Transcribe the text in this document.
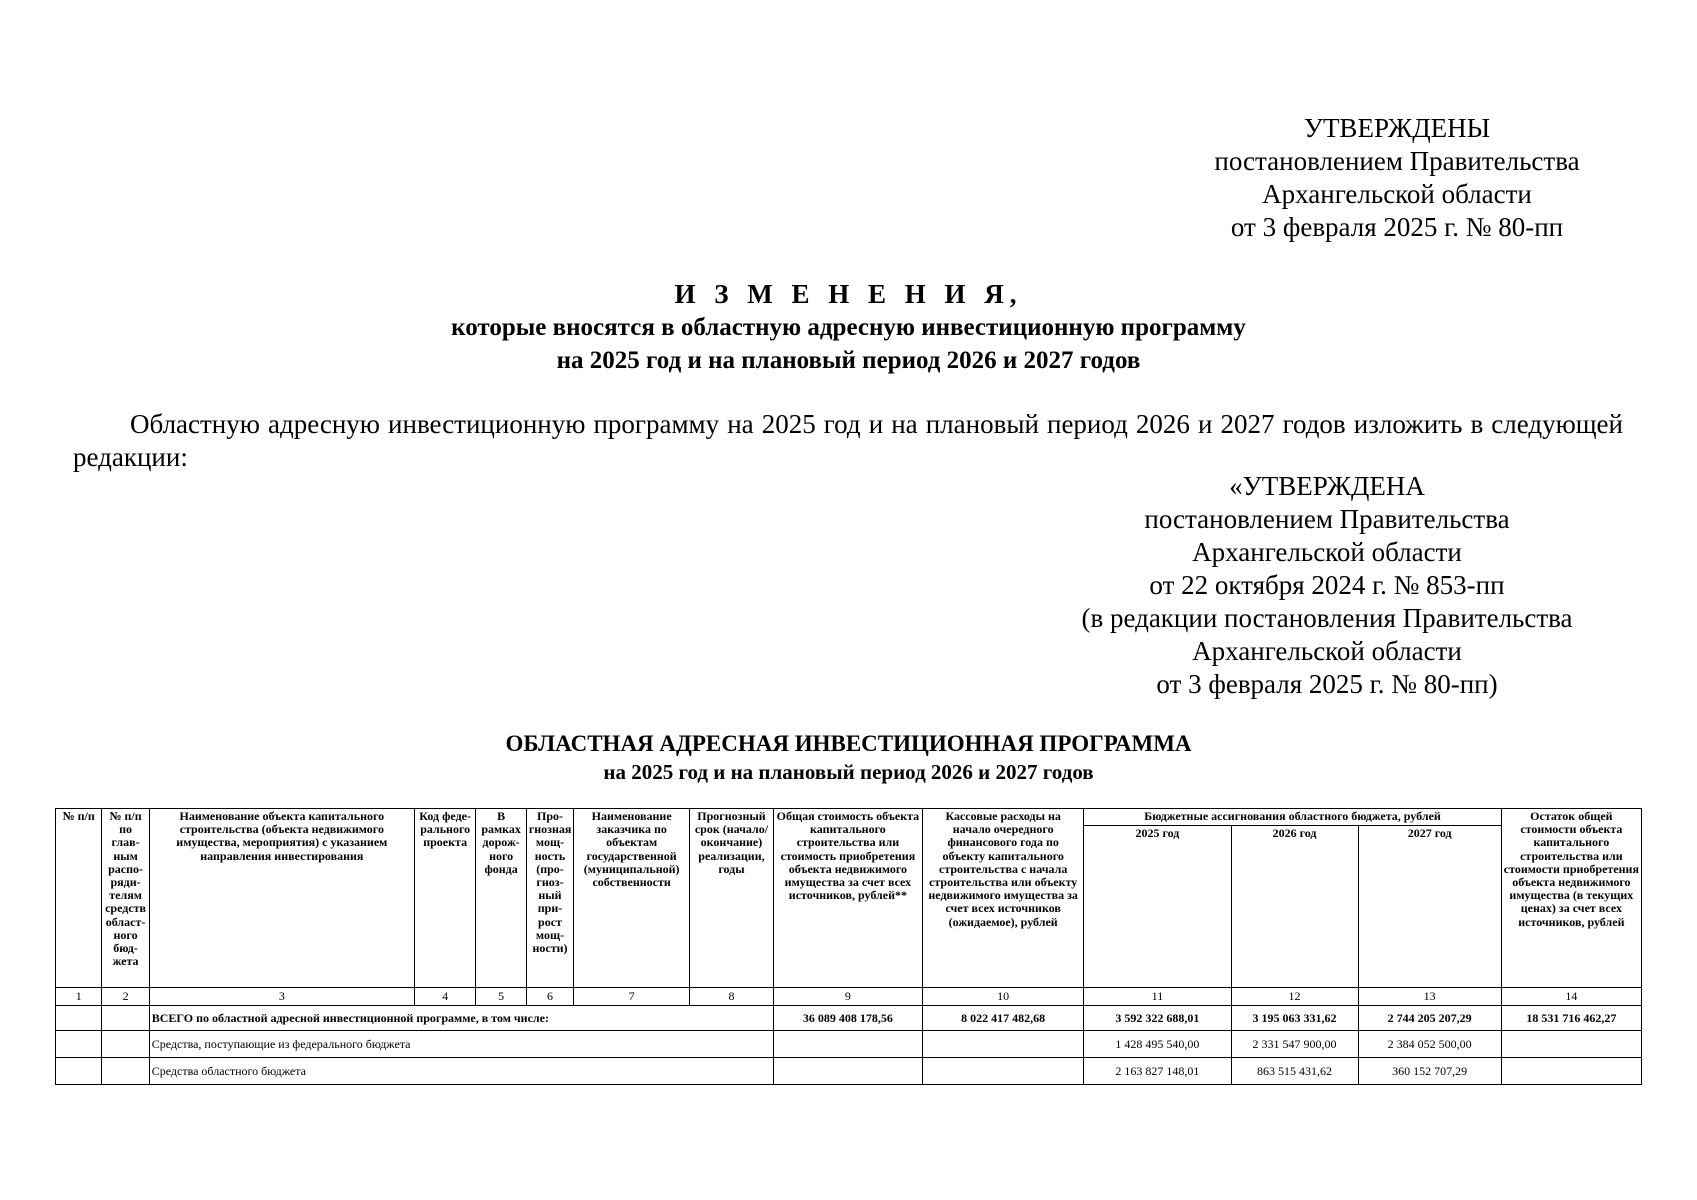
УТВЕРЖДЕНЫ
постановлением Правительства
Архангельской области
от 3 февраля 2025 г. № 80-пп
И З М Е Н Е Н И Я,
которые вносятся в областную адресную инвестиционную программу
на 2025 год и на плановый период 2026 и 2027 годов
Областную адресную инвестиционную программу на 2025 год и на плановый период 2026 и 2027 годов изложить в следующей редакции:
«УТВЕРЖДЕНА
постановлением Правительства
Архангельской области
от 22 октября 2024 г. № 853-пп
(в редакции постановления Правительства
Архангельской области
от 3 февраля 2025 г. № 80-пп)
ОБЛАСТНАЯ АДРЕСНАЯ ИНВЕСТИЦИОННАЯ ПРОГРАММА
на 2025 год и на плановый период 2026 и 2027 годов
№ п/п	№ п/п по глав-ным распо-ряди-телям средств област-ного бюд-жета	Наименование объекта капитального строительства (объекта недвижимого имущества, мероприятия) с указанием направления инвестирования	Код феде-рального проекта	В рамках дорож-ного фонда	Про-гнозная мощ-ность (про-гноз-ный при-рост мощ-ности)	Наименование заказчика по объектам государственной (муниципальной) собственности	Прогнозный срок (начало/ окончание) реализации, годы	Общая стоимость объекта капитального строительства или стоимость приобретения объекта недвижимого имущества за счет всех источников, рублей**	Кассовые расходы на начало очередного финансового года по объекту капитального строительства с начала строительства или объекту недвижимого имущества за счет всех источников (ожидаемое), рублей	Бюджетные ассигнования областного бюджета, рублей			Остаток общей стоимости объекта капитального строительства или стоимости приобретения объекта недвижимого имущества (в текущих ценах) за счет всех источников, рублей
										2025 год	2026 год	2027 год	
1	2	3	4	5	6	7	8	9	10	11	12	13	14
		ВСЕГО по областной адресной инвестиционной программе, в том числе:						36 089 408 178,56	8 022 417 482,68	3 592 322 688,01	3 195 063 331,62	2 744 205 207,29	18 531 716 462,27
		Средства, поступающие из федерального бюджета								1 428 495 540,00	2 331 547 900,00	2 384 052 500,00	
		Средства областного бюджета								2 163 827 148,01	863 515 431,62	360 152 707,29	
